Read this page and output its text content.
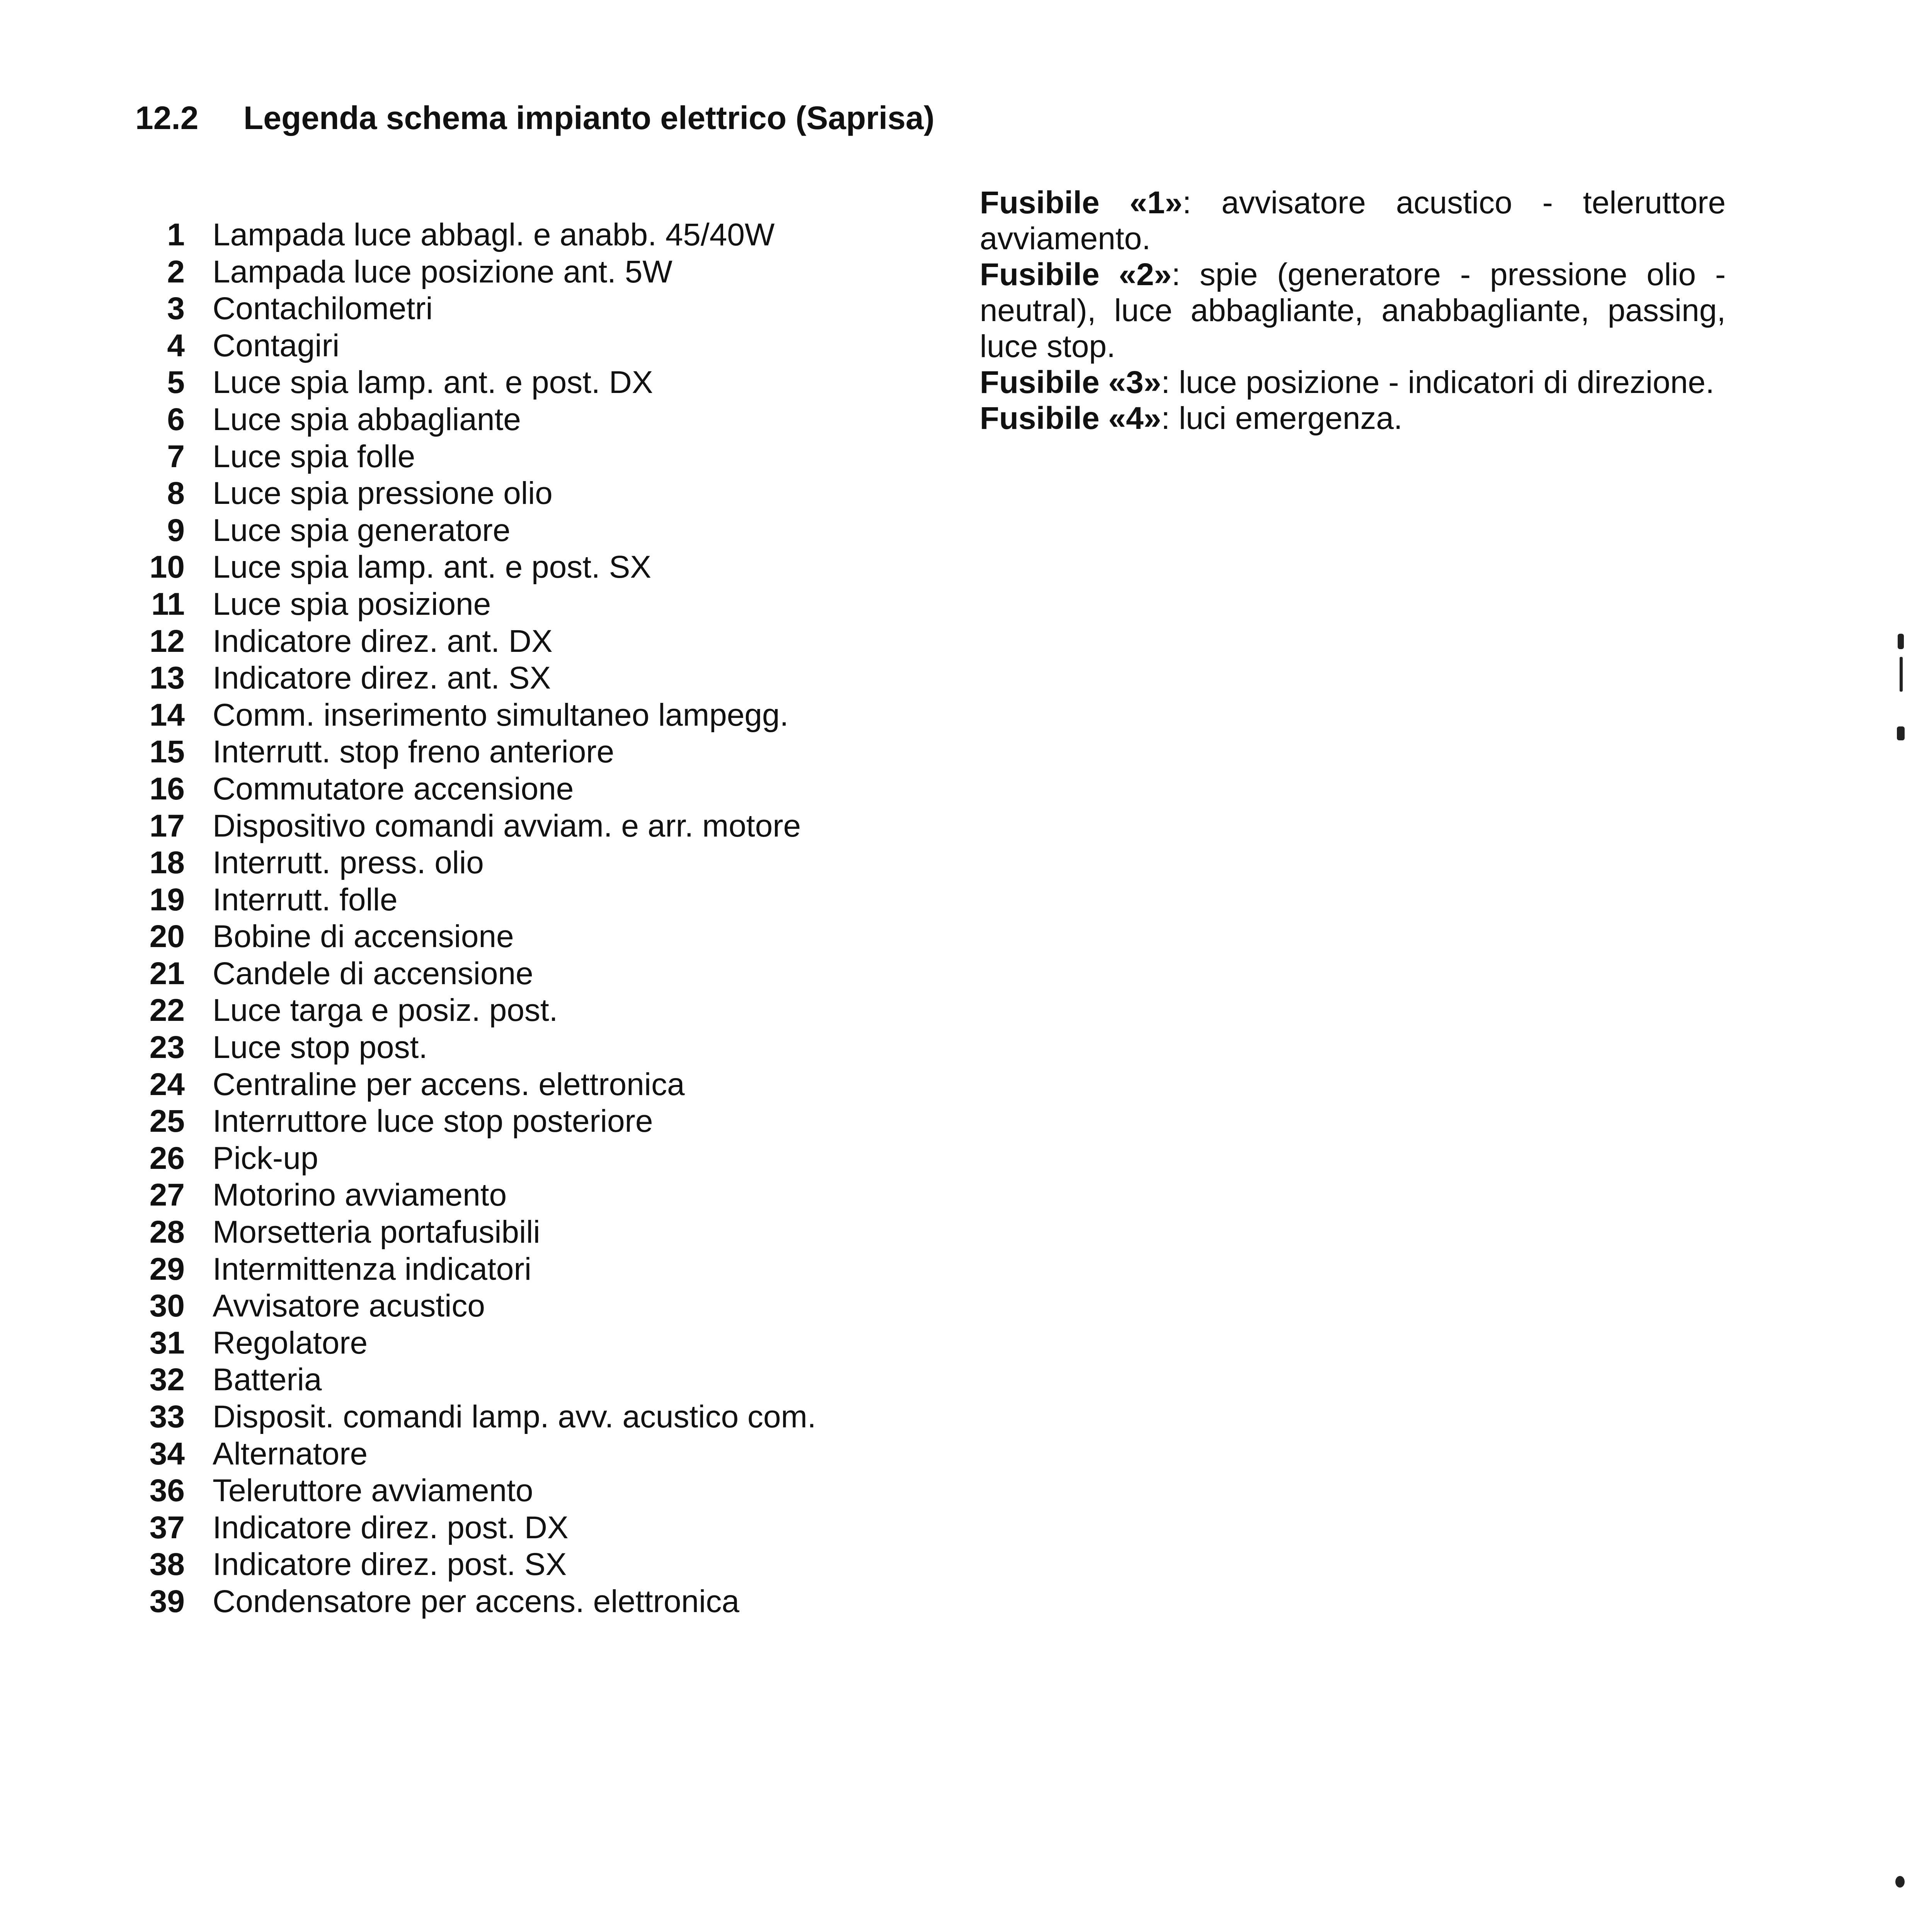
12.2 Legenda schema impianto elettrico (Saprisa)
1 Lampada luce abbagl. e anabb. 45/40W
2 Lampada luce posizione ant. 5W
3 Contachilometri
4 Contagiri
5 Luce spia lamp. ant. e post. DX
6 Luce spia abbagliante
7 Luce spia folle
8 Luce spia pressione olio
9 Luce spia generatore
10 Luce spia lamp. ant. e post. SX
11 Luce spia posizione
12 Indicatore direz. ant. DX
13 Indicatore direz. ant. SX
14 Comm. inserimento simultaneo lampegg.
15 Interrutt. stop freno anteriore
16 Commutatore accensione
17 Dispositivo comandi avviam. e arr. motore
18 Interrutt. press. olio
19 Interrutt. folle
20 Bobine di accensione
21 Candele di accensione
22 Luce targa e posiz. post.
23 Luce stop post.
24 Centraline per accens. elettronica
25 Interruttore luce stop posteriore
26 Pick-up
27 Motorino avviamento
28 Morsetteria portafusibili
29 Intermittenza indicatori
30 Avvisatore acustico
31 Regolatore
32 Batteria
33 Disposit. comandi lamp. avv. acustico com.
34 Alternatore
36 Teleruttore avviamento
37 Indicatore direz. post. DX
38 Indicatore direz. post. SX
39 Condensatore per accens. elettronica
Fusibile «1»: avvisatore acustico - teleruttore avviamento.
Fusibile «2»: spie (generatore - pressione olio - neutral), luce abbagliante, anabbagliante, passing, luce stop.
Fusibile «3»: luce posizione - indicatori di direzione.
Fusibile «4»: luci emergenza.
